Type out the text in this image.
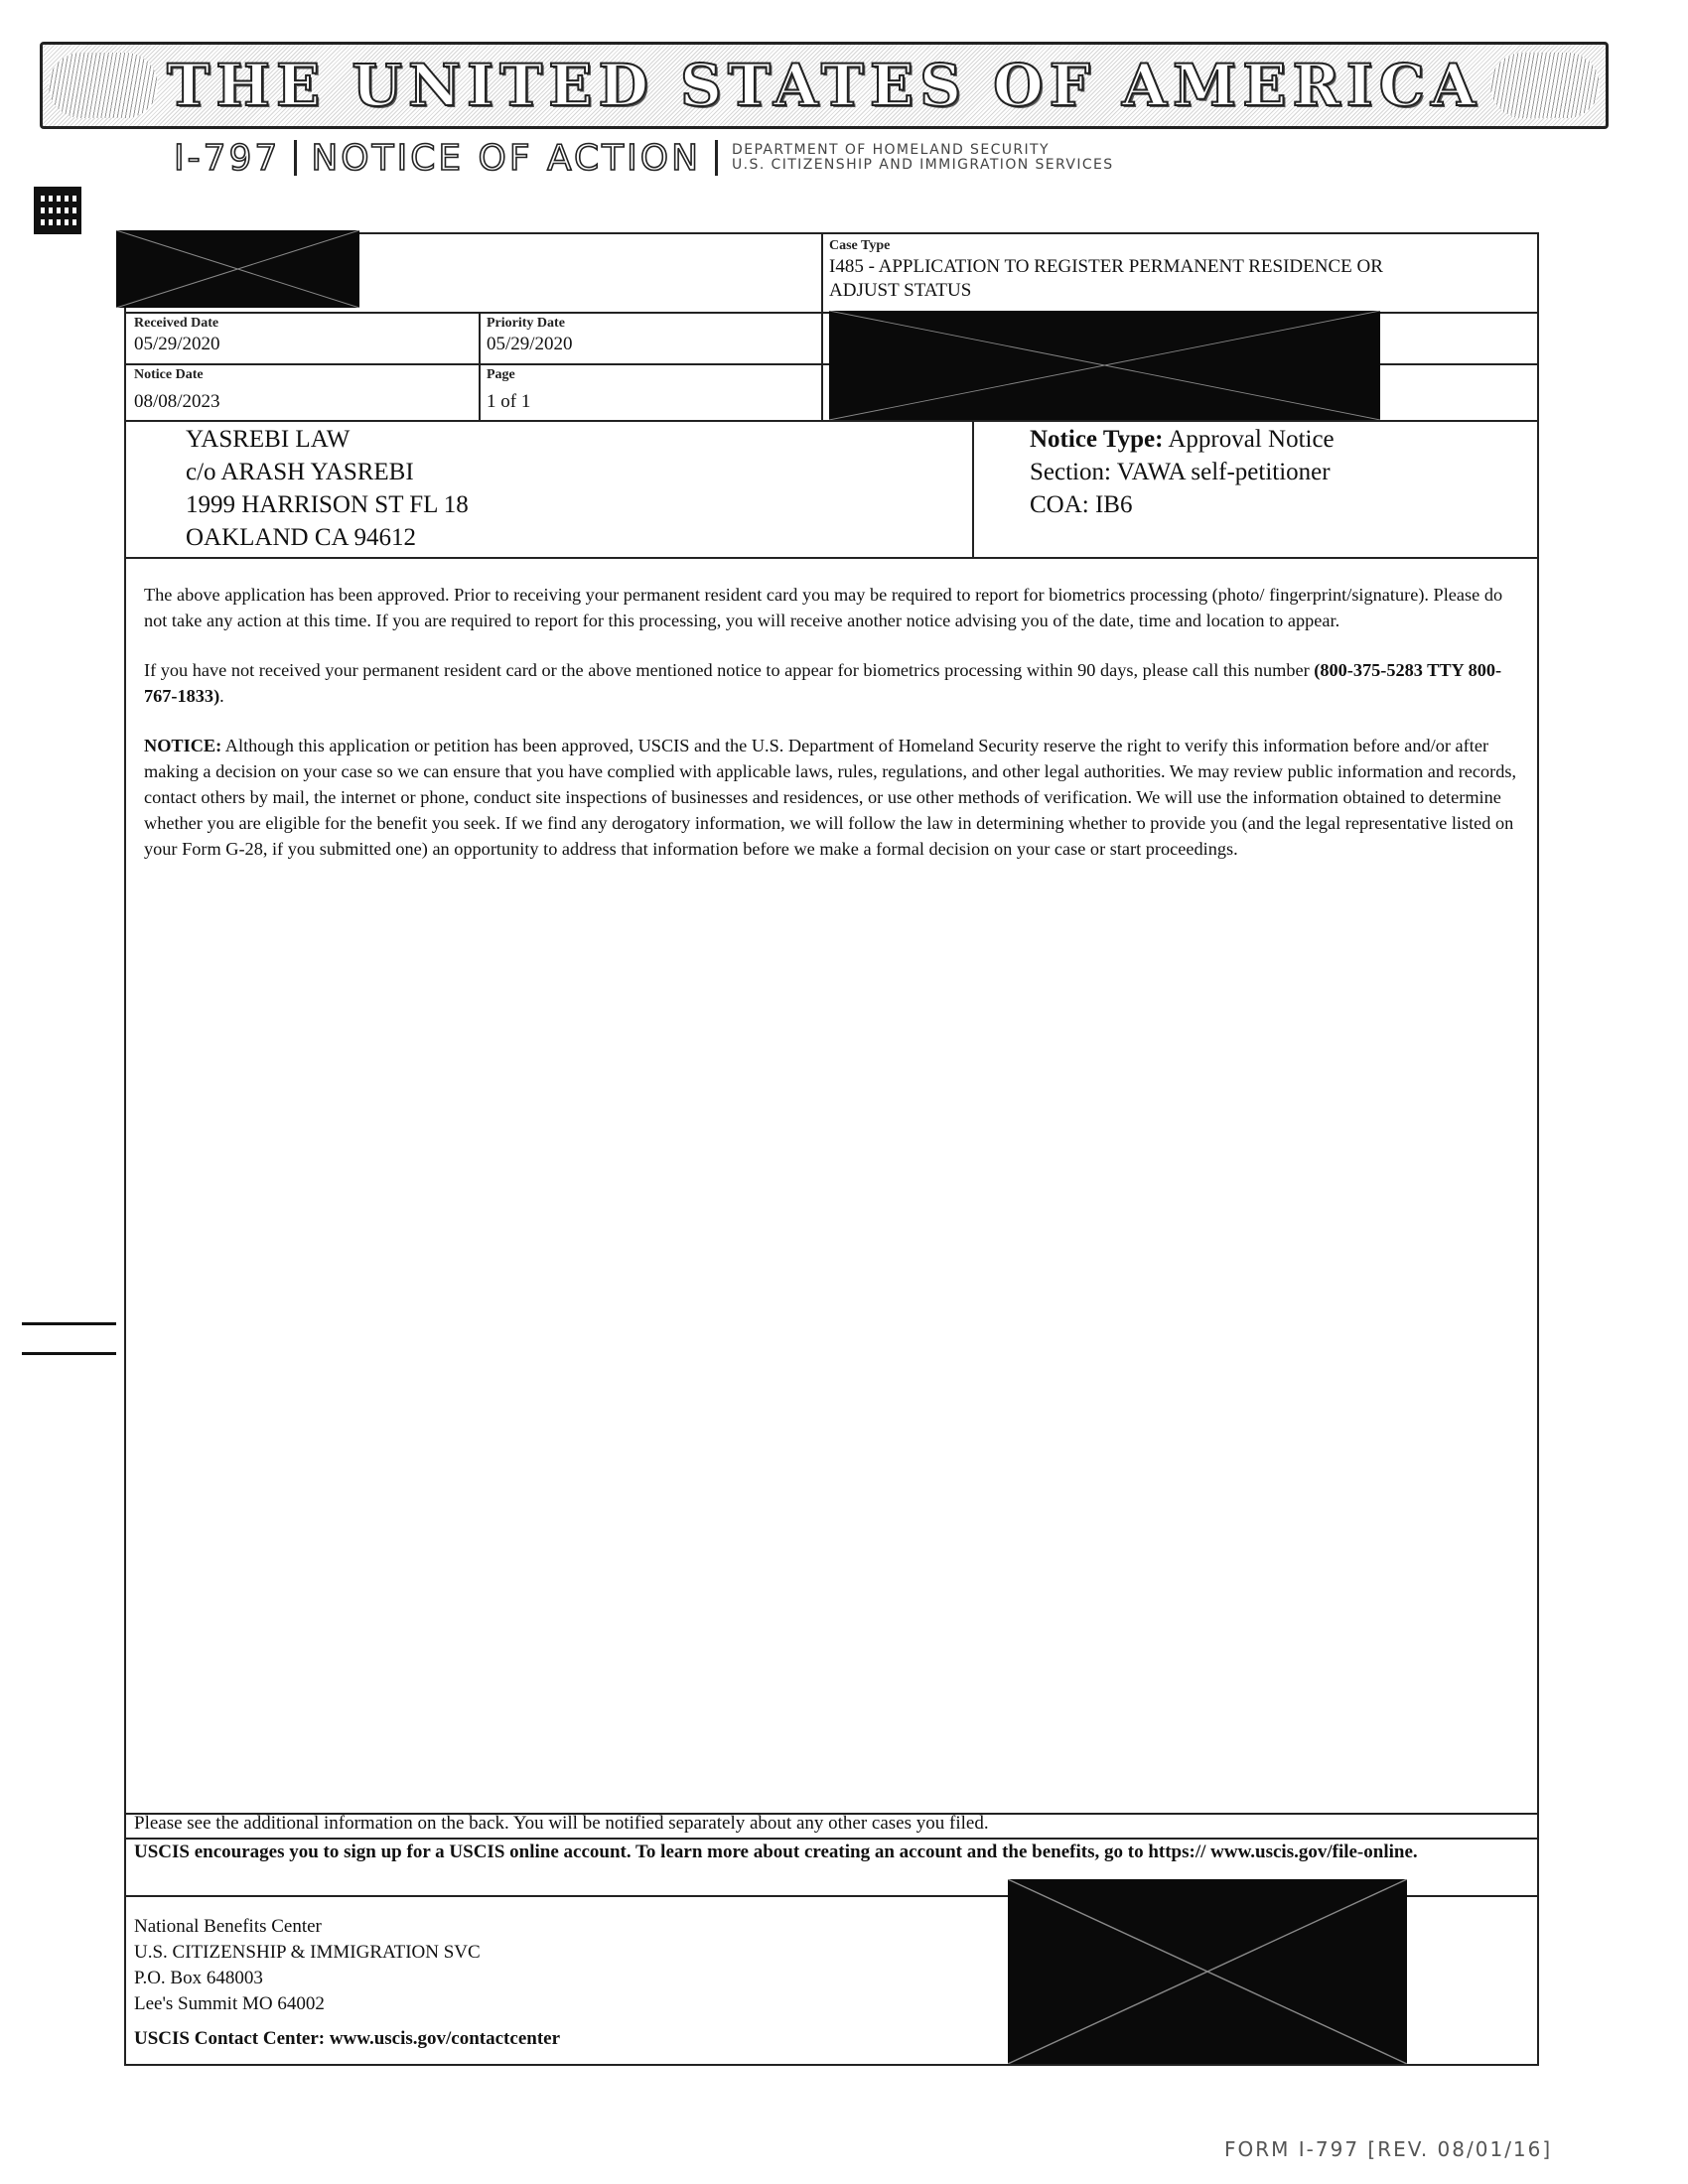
THE UNITED STATES OF AMERICA
I-797 NOTICE OF ACTION DEPARTMENT OF HOMELAND SECURITY
U.S. CITIZENSHIP AND IMMIGRATION SERVICES
Case Type
I485 - APPLICATION TO REGISTER PERMANENT RESIDENCE OR
ADJUST STATUS
Received Date
05/29/2020
Priority Date
05/29/2020
Notice Date
08/08/2023
Page
1 of 1
YASREBI LAW
c/o ARASH YASREBI
1999 HARRISON ST FL 18
OAKLAND CA 94612
Notice Type: Approval Notice
Section: VAWA self-petitioner
COA: IB6

The above application has been approved. Prior to receiving your permanent resident card you may be required to report for biometrics processing (photo/ fingerprint/signature). Please do not take any action at this time. If you are required to report for this processing, you will receive another notice advising you of the date, time and location to appear.

If you have not received your permanent resident card or the above mentioned notice to appear for biometrics processing within 90 days, please call this number (800-375-5283 TTY 800-767-1833).

NOTICE: Although this application or petition has been approved, USCIS and the U.S. Department of Homeland Security reserve the right to verify this information before and/or after making a decision on your case so we can ensure that you have complied with applicable laws, rules, regulations, and other legal authorities. We may review public information and records, contact others by mail, the internet or phone, conduct site inspections of businesses and residences, or use other methods of verification. We will use the information obtained to determine whether you are eligible for the benefit you seek. If we find any derogatory information, we will follow the law in determining whether to provide you (and the legal representative listed on your Form G-28, if you submitted one) an opportunity to address that information before we make a formal decision on your case or start proceedings.

Please see the additional information on the back. You will be notified separately about any other cases you filed.
USCIS encourages you to sign up for a USCIS online account. To learn more about creating an account and the benefits, go to https:// www.uscis.gov/file-online.
National Benefits Center
U.S. CITIZENSHIP & IMMIGRATION SVC
P.O. Box 648003
Lee's Summit MO 64002
USCIS Contact Center: www.uscis.gov/contactcenter
FORM I-797 [REV. 08/01/16]
